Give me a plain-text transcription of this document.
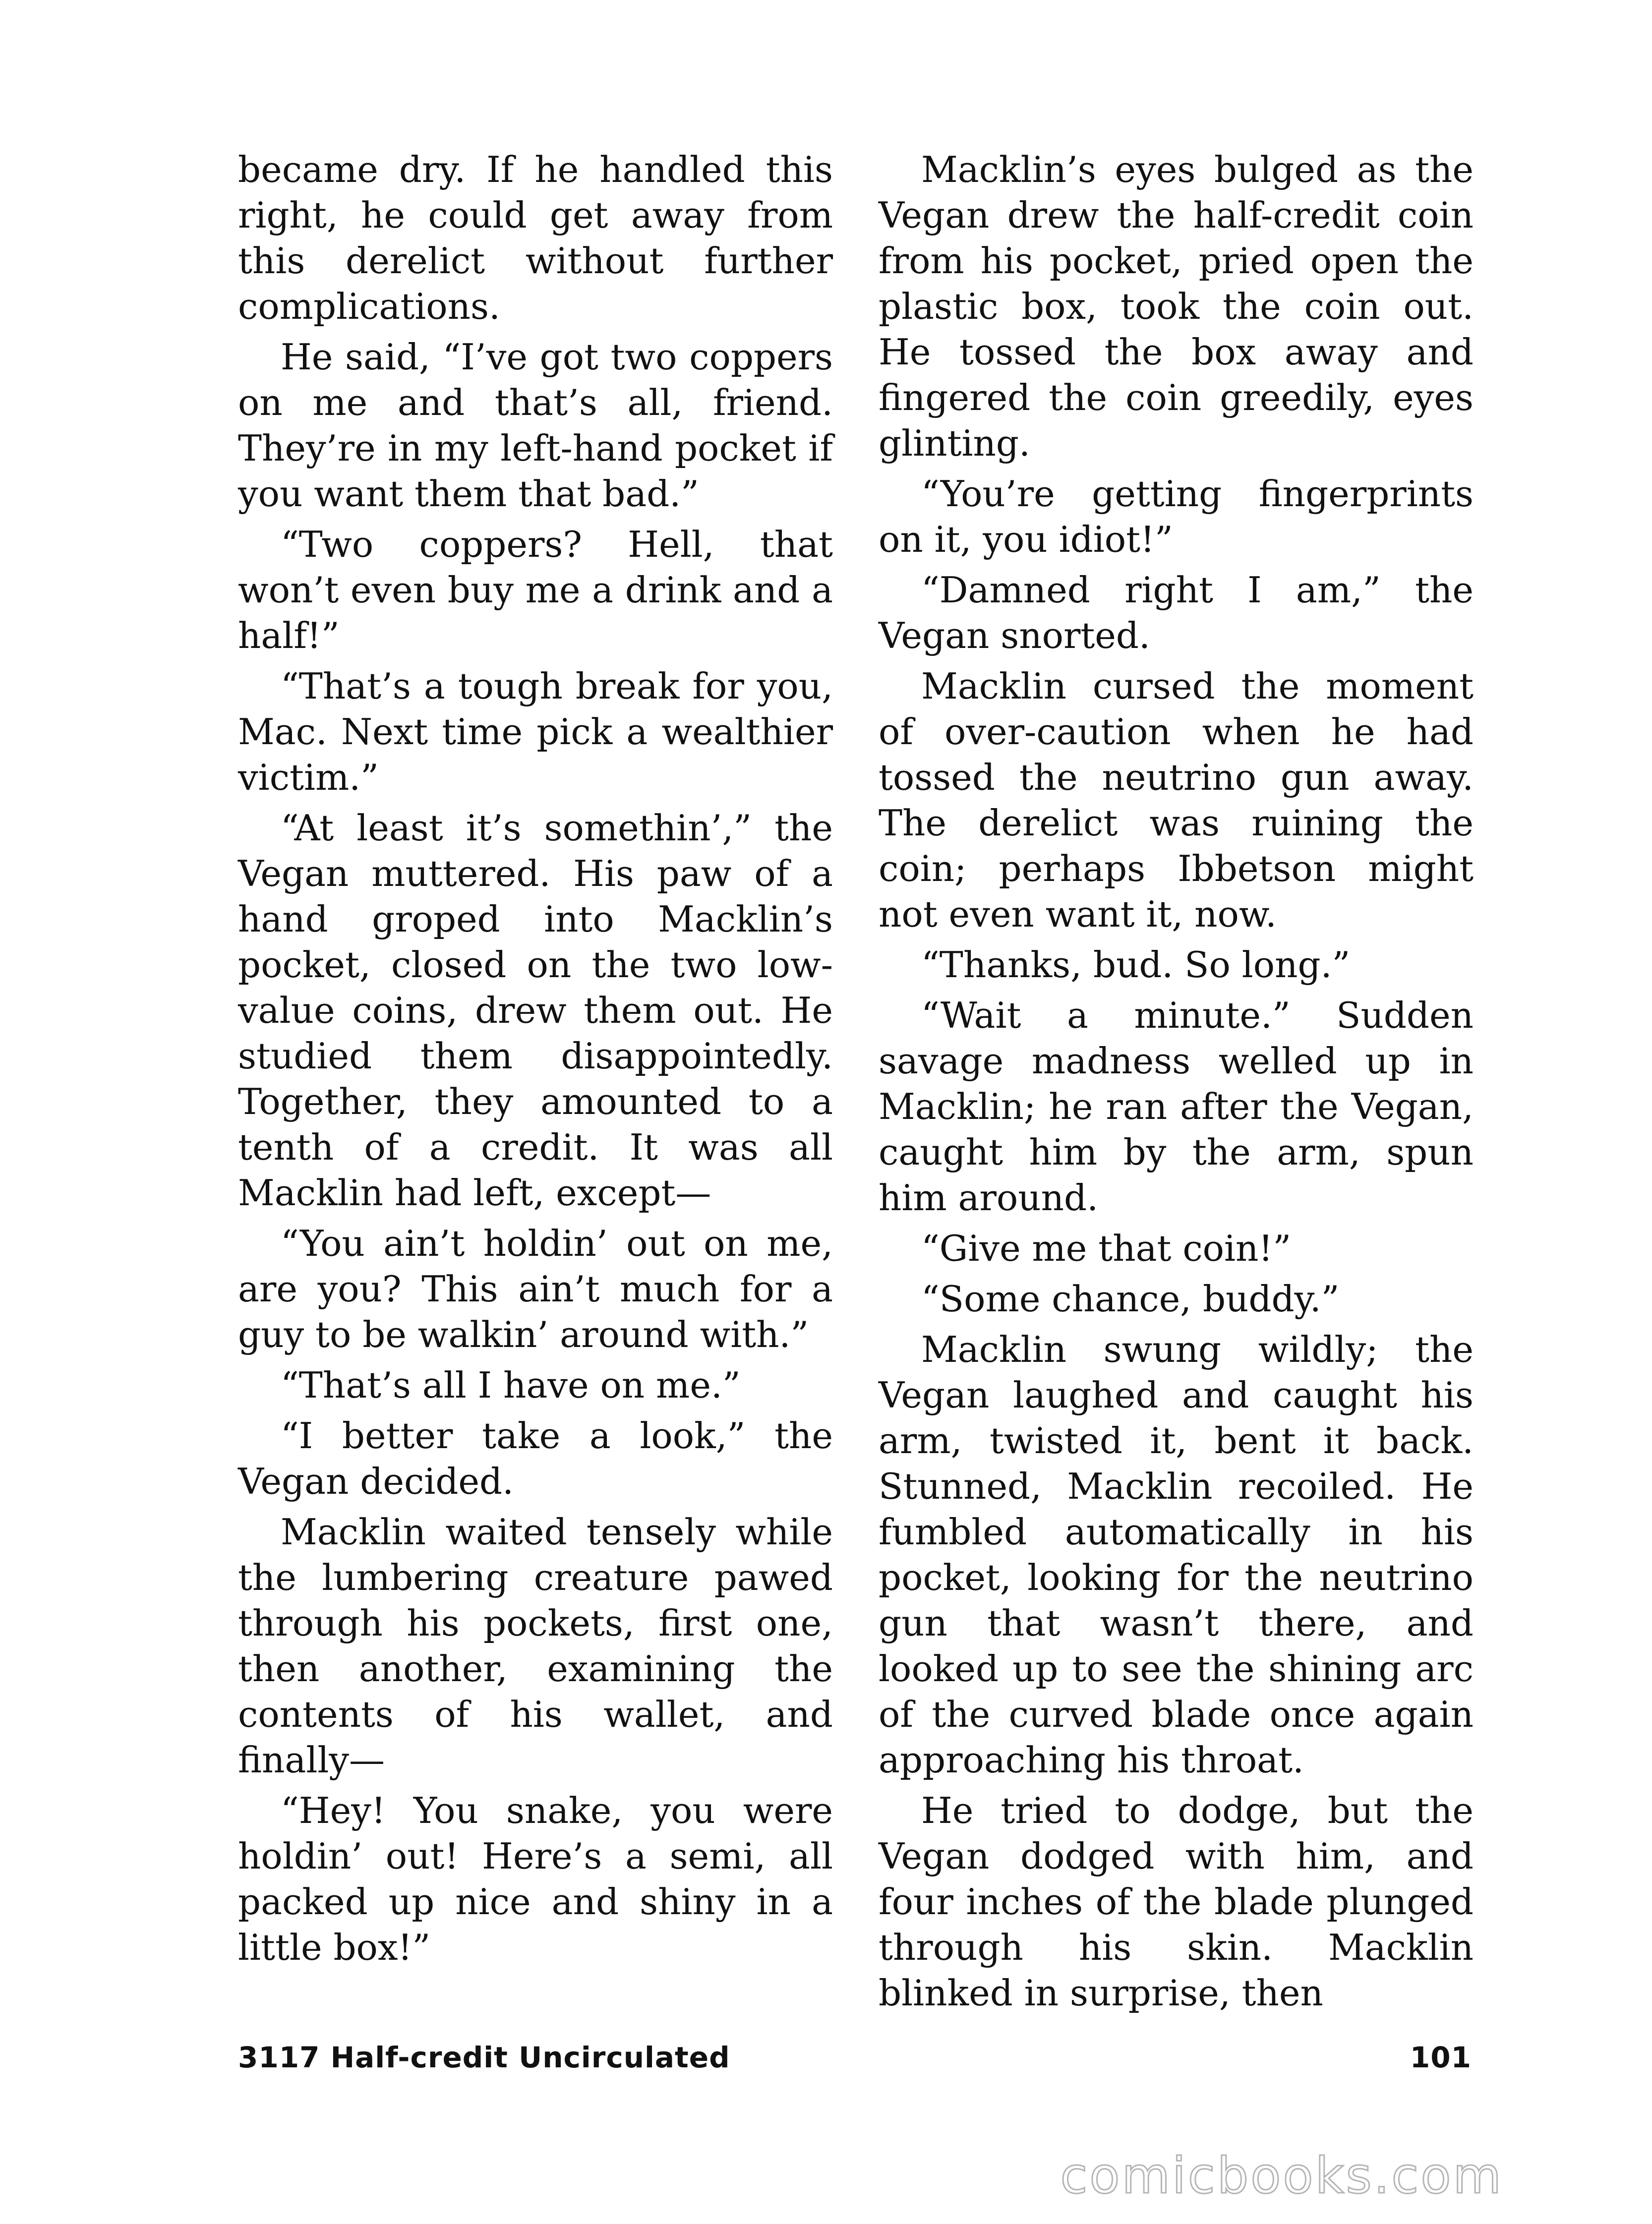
became dry. If he handled this right, he could get away from this derelict without further complications.

He said, “I’ve got two coppers on me and that’s all, friend. They’re in my left-hand pocket if you want them that bad.”

“Two coppers? Hell, that won’t even buy me a drink and a half!”

“That’s a tough break for you, Mac. Next time pick a wealthier victim.”

“At least it’s somethin’,” the Vegan muttered. His paw of a hand groped into Macklin’s pocket, closed on the two low-value coins, drew them out. He studied them disappointedly. Together, they amounted to a tenth of a credit. It was all Macklin had left, except—

“You ain’t holdin’ out on me, are you? This ain’t much for a guy to be walkin’ around with.”

“That’s all I have on me.”

“I better take a look,” the Vegan decided.

Macklin waited tensely while the lumbering creature pawed through his pockets, first one, then another, examining the contents of his wallet, and finally—

“Hey! You snake, you were holdin’ out! Here’s a semi, all packed up nice and shiny in a little box!”

Macklin’s eyes bulged as the Vegan drew the half-credit coin from his pocket, pried open the plastic box, took the coin out. He tossed the box away and fingered the coin greedily, eyes glinting.

“You’re getting fingerprints on it, you idiot!”

“Damned right I am,” the Vegan snorted.

Macklin cursed the moment of over-caution when he had tossed the neutrino gun away. The derelict was ruining the coin; perhaps Ibbetson might not even want it, now.

“Thanks, bud. So long.”

“Wait a minute.” Sudden savage madness welled up in Macklin; he ran after the Vegan, caught him by the arm, spun him around.

“Give me that coin!”

“Some chance, buddy.”

Macklin swung wildly; the Vegan laughed and caught his arm, twisted it, bent it back. Stunned, Macklin recoiled. He fumbled automatically in his pocket, looking for the neutrino gun that wasn’t there, and looked up to see the shining arc of the curved blade once again approaching his throat.

He tried to dodge, but the Vegan dodged with him, and four inches of the blade plunged through his skin. Macklin blinked in surprise, then

3117 Half-credit Uncirculated	101
comicbooks.com
